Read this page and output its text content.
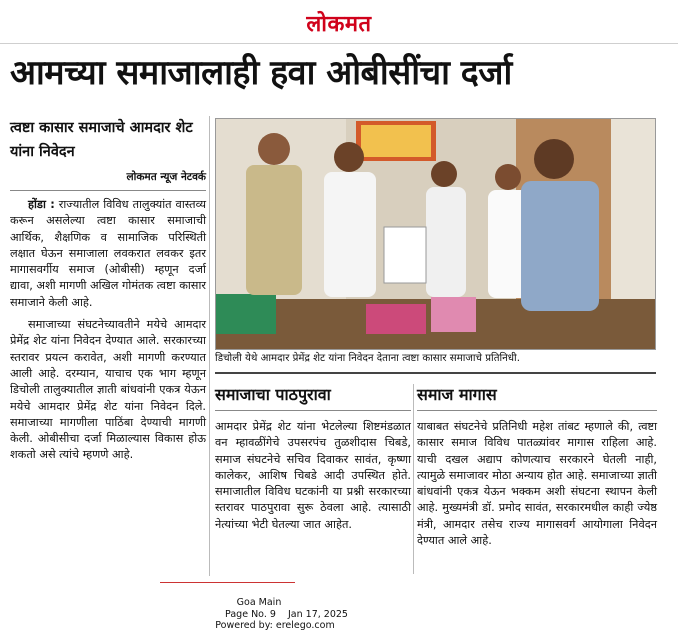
लोकमत
आमच्या समाजालाही हवा ओबीसींचा दर्जा
त्वष्टा कासार समाजाचे आमदार शेट यांना निवेदन
लोकमत न्यूज नेटवर्क

होंडा : राज्यातील विविध तालुक्यांत वास्तव्य करून असलेल्या त्वष्टा कासार समाजाची आर्थिक, शैक्षणिक व सामाजिक परिस्थिती लक्षात घेऊन समाजाला लवकरात लवकर इतर मागासवर्गीय समाज (ओबीसी) म्हणून दर्जा द्यावा, अशी मागणी अखिल गोमंतक त्वष्टा कासार समाजाने केली आहे.

समाजाच्या संघटनेच्यावतीने मयेचे आमदार प्रेमेंद्र शेट यांना निवेदन देण्यात आले. सरकारच्या स्तरावर प्रयत्न करावेत, अशी मागणी करण्यात आली आहे. दरम्यान, याचाच एक भाग म्हणून डिचोली तालुक्यातील ज्ञाती बांधवांनी एकत्र येऊन मयेचे आमदार प्रेमेंद्र शेट यांना निवेदन दिले. समाजाच्या मागणीला पाठिंबा देण्याची मागणी केली. ओबीसीचा दर्जा मिळाल्यास विकास होऊ शकतो असे त्यांचे म्हणणे आहे.

डिचोली येथे आमदार प्रेमेंद्र शेट यांना निवेदन देताना त्वष्टा कासार समाजाचे प्रतिनिधी.
समाजाचा पाठपुरावा
आमदार प्रेमेंद्र शेट यांना भेटलेल्या शिष्टमंडळात वन म्हावळींगेचे उपसरपंच तुळशीदास चिबडे, समाज संघटनेचे सचिव दिवाकर सावंत, कृष्णा कालेकर, आशिष चिबडे आदी उपस्थित होते. समाजातील विविध घटकांनी या प्रश्नी सरकारच्या स्तरावर पाठपुरावा सुरू ठेवला आहे. त्यासाठी नेत्यांच्या भेटी घेतल्या जात आहेत.
समाज मागास
याबाबत संघटनेचे प्रतिनिधी महेश तांबट म्हणाले की, त्वष्टा कासार समाज विविध पातळ्यांवर मागास राहिला आहे. याची दखल अद्याप कोणत्याच सरकारने घेतली नाही, त्यामुळे समाजावर मोठा अन्याय होत आहे. समाजाच्या ज्ञाती बांधवांनी एकत्र येऊन भक्कम अशी संघटना स्थापन केली आहे. मुख्यमंत्री डॉ. प्रमोद सावंत, सरकारमधील काही ज्येष्ठ मंत्री, आमदार तसेच राज्य मागासवर्ग आयोगाला निवेदन देण्यात आले आहे.
Goa Main
Page No. 9    Jan 17, 2025
Powered by: erelego.com
